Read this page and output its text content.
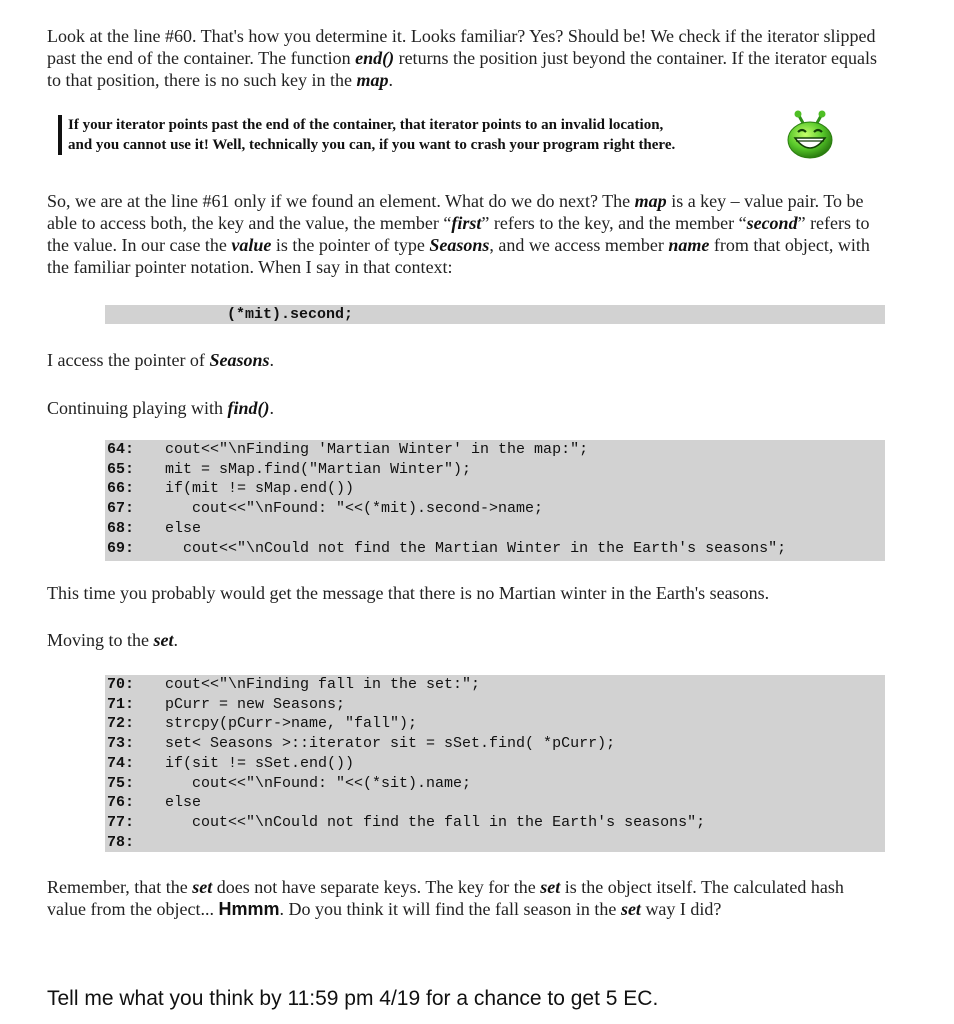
Look at the line #60. That's how you determine it. Looks familiar? Yes? Should be! We check if the iterator slipped past the end of the container. The function end() returns the position just beyond the container. If the iterator equals to that position, there is no such key in the map.

If your iterator points past the end of the container, that iterator points to an invalid location,
and you cannot use it! Well, technically you can, if you want to crash your program right there.

So, we are at the line #61 only if we found an element. What do we do next? The map is a key – value pair. To be able to access both, the key and the value, the member “first” refers to the key, and the member “second” refers to the value. In our case the value is the pointer of type Seasons, and we access member name from that object, with the familiar pointer notation. When I say in that context:

(*mit).second;

I access the pointer of Seasons.

Continuing playing with find().

64:	cout<<"\nFinding 'Martian Winter' in the map:";
65:	mit = sMap.find("Martian Winter");
66:	if(mit != sMap.end())
67:	cout<<"\nFound: "<<(*mit).second->name;
68:	else
69:	cout<<"\nCould not find the Martian Winter in the Earth's seasons";

This time you probably would get the message that there is no Martian winter in the Earth's seasons.

Moving to the set.

70:	cout<<"\nFinding fall in the set:";
71:	pCurr = new Seasons;
72:	strcpy(pCurr->name, "fall");
73:	set< Seasons >::iterator sit = sSet.find( *pCurr);
74:	if(sit != sSet.end())
75:	cout<<"\nFound: "<<(*sit).name;
76:	else
77:	cout<<"\nCould not find the fall in the Earth's seasons";
78:

Remember, that the set does not have separate keys. The key for the set is the object itself. The calculated hash value from the object... Hmmm. Do you think it will find the fall season in the set way I did?

Tell me what you think by 11:59 pm 4/19 for a chance to get 5 EC.
